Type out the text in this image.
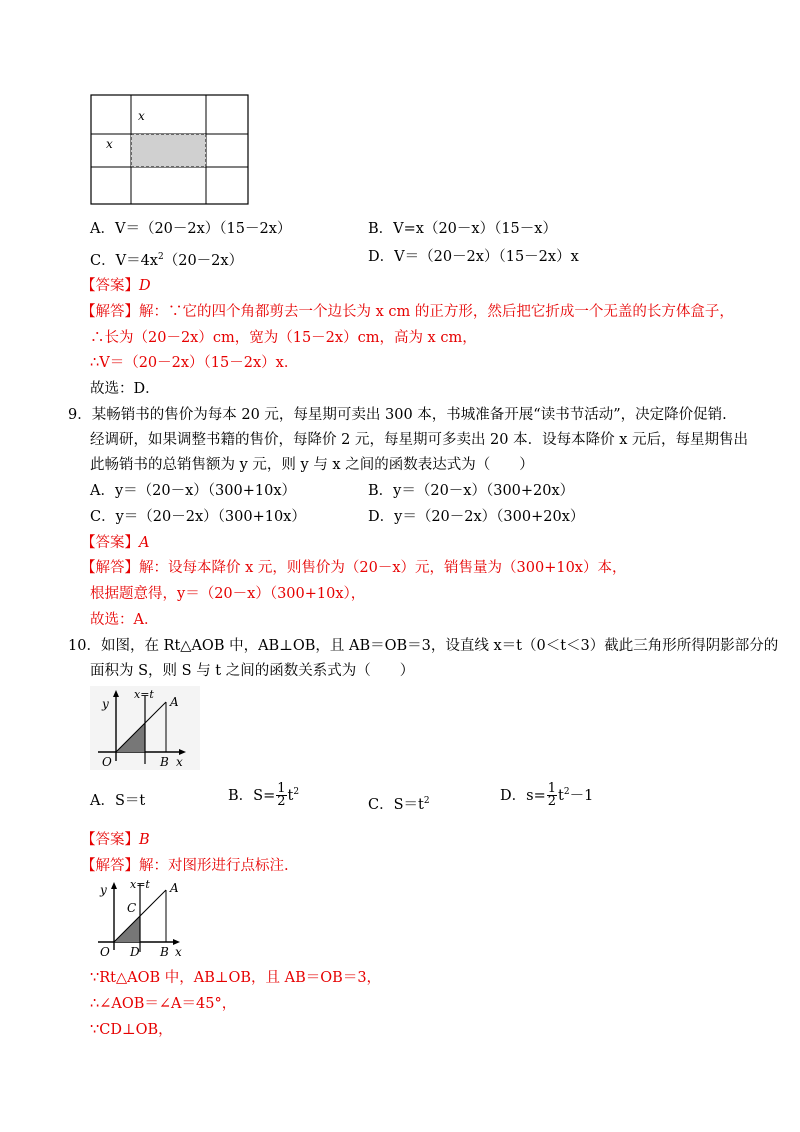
x
x
A．V＝（20－2x）（15－2x）	B．V=x（20－x）（15－x）
C．$V=4x^2(20-2x)$	D．V＝（20－2x）（15－2x）x
【答案】D
【解答】解：∵它的四个角都剪去一个边长为 x cm 的正方形，然后把它折成一个无盖的长方体盒子，
∴长为（20－2x）cm，宽为（15－2x）cm，高为 x cm，
∴V＝（20－2x）（15－2x）x．
故选：D．
9．某畅销书的售价为每本 20 元，每星期可卖出 300 本，书城准备开展“读书节活动”，决定降价促销.
经调研，如果调整书籍的售价，每降价 2 元，每星期可多卖出 20 本．设每本降价 x 元后，每星期售出
此畅销书的总销售额为 y 元，则 y 与 x 之间的函数表达式为（　　）
A．y＝（20－x）（300+10x）	B．y＝（20－x）（300+20x）
C．y＝（20－2x）（300+10x）	D．y＝（20－2x）（300+20x）
【答案】A
【解答】解：设每本降价 x 元，则售价为（20－x）元，销售量为（300+10x）本，
根据题意得，y＝（20－x）（300+10x），
故选：A．
10．如图，在 Rt△AOB 中，AB⊥OB，且 AB＝OB＝3，设直线 x＝t（0＜t＜3）截此三角形所得阴影部分的
面积为 S，则 S 与 t 之间的函数关系式为（　　）
y
x=t
A
O	B x
A．S＝t	B．$S= \frac{1}{2} t^2$
C．$S=t^2$	D．$s= \frac{1}{2} t^2-1$
【答案】B
【解答】解：对图形进行点标注.
y x=t A
C
O D B x
∵Rt△AOB 中，AB⊥OB，且 AB＝OB＝3，
∴∠AOB＝∠A＝45°，
∵CD⊥OB，
